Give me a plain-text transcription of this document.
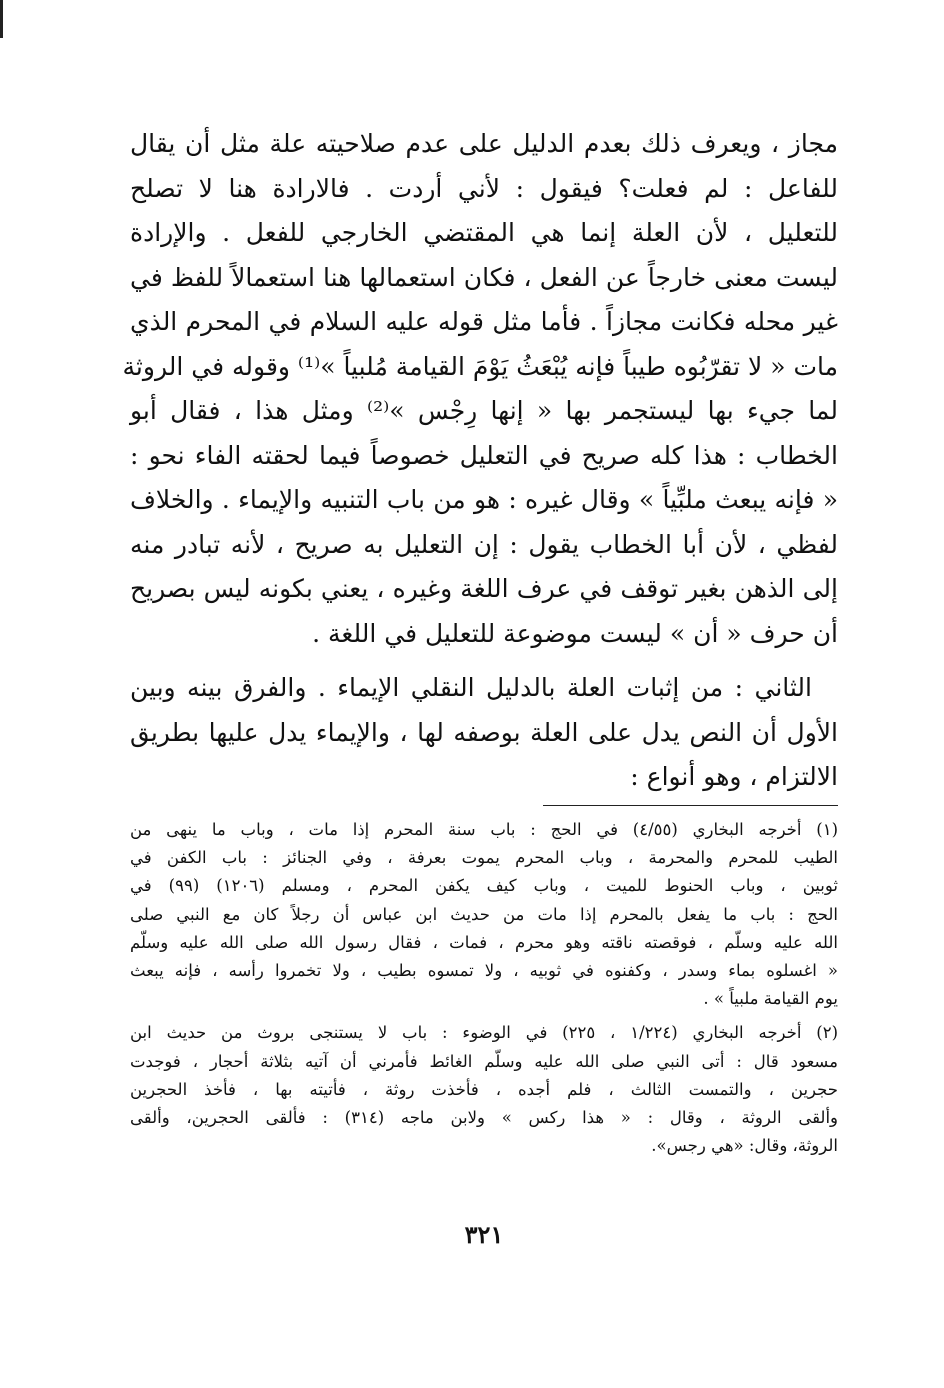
مجاز ، ويعرف ذلك بعدم الدليل على عدم صلاحيته علة مثل أن يقال
للفاعل : لم فعلت؟ فيقول : لأني أردت . فالارادة هنا لا تصلح
للتعليل ، لأن العلة إنما هي المقتضي الخارجي للفعل . والإرادة
ليست معنى خارجاً عن الفعل ، فكان استعمالها هنا استعمالاً للفظ في
غير محله فكانت مجازاً . فأما مثل قوله عليه السلام في المحرم الذي
مات « لا تقرّبُوه طيباً فإنه يُبْعَثُ يَوْمَ القيامة مُلبياً »⁽¹⁾ وقوله في الروثة
لما جيء بها ليستجمر بها « إنها رِجْس »⁽²⁾ ومثل هذا ، فقال أبو
الخطاب : هذا كله صريح في التعليل خصوصاً فيما لحقته الفاء نحو :
« فإنه يبعث ملبِّياً » وقال غيره : هو من باب التنبيه والإيماء . والخلاف
لفظي ، لأن أبا الخطاب يقول : إن التعليل به صريح ، لأنه تبادر منه
إلى الذهن بغير توقف في عرف اللغة وغيره ، يعني بكونه ليس بصريح
أن حرف « أن » ليست موضوعة للتعليل في اللغة .
الثاني : من إثبات العلة بالدليل النقلي الإيماء . والفرق بينه وبين
الأول أن النص يدل على العلة بوصفه لها ، والإيماء يدل عليها بطريق
الالتزام ، وهو أنواع :
(١) أخرجه البخاري (٤/٥٥) في الحج : باب سنة المحرم إذا مات ، وباب ما ينهى من
الطيب للمحرم والمحرمة ، وباب المحرم يموت بعرفة ، وفي الجنائز : باب الكفن في
ثوبين ، وباب الحنوط للميت ، وباب كيف يكفن المحرم ، ومسلم (١٢٠٦) (٩٩) في
الحج : باب ما يفعل بالمحرم إذا مات من حديث ابن عباس أن رجلاً كان مع النبي صلى
الله عليه وسلّم ، فوقصته ناقته وهو محرم ، فمات ، فقال رسول الله صلى الله عليه وسلّم
« اغسلوه بماء وسدر ، وكفنوه في ثوبيه ، ولا تمسوه بطيب ، ولا تخمروا رأسه ، فإنه يبعث
يوم القيامة ملبياً » .
(٢) أخرجه البخاري (١/٢٢٤ ، ٢٢٥) في الوضوء : باب لا يستنجى بروث من حديث ابن
مسعود قال : أتى النبي صلى الله عليه وسلّم الغائط فأمرني أن آتيه بثلاثة أحجار ، فوجدت
حجرين ، والتمست الثالث ، فلم أجده ، فأخذت روثة ، فأتيته بها ، فأخذ الحجرين
وألقى الروثة ، وقال : « هذا ركس » ولابن ماجه (٣١٤) : فألقى الحجرين، وألقى
الروثة، وقال: «هي رجس».
٣٢١
